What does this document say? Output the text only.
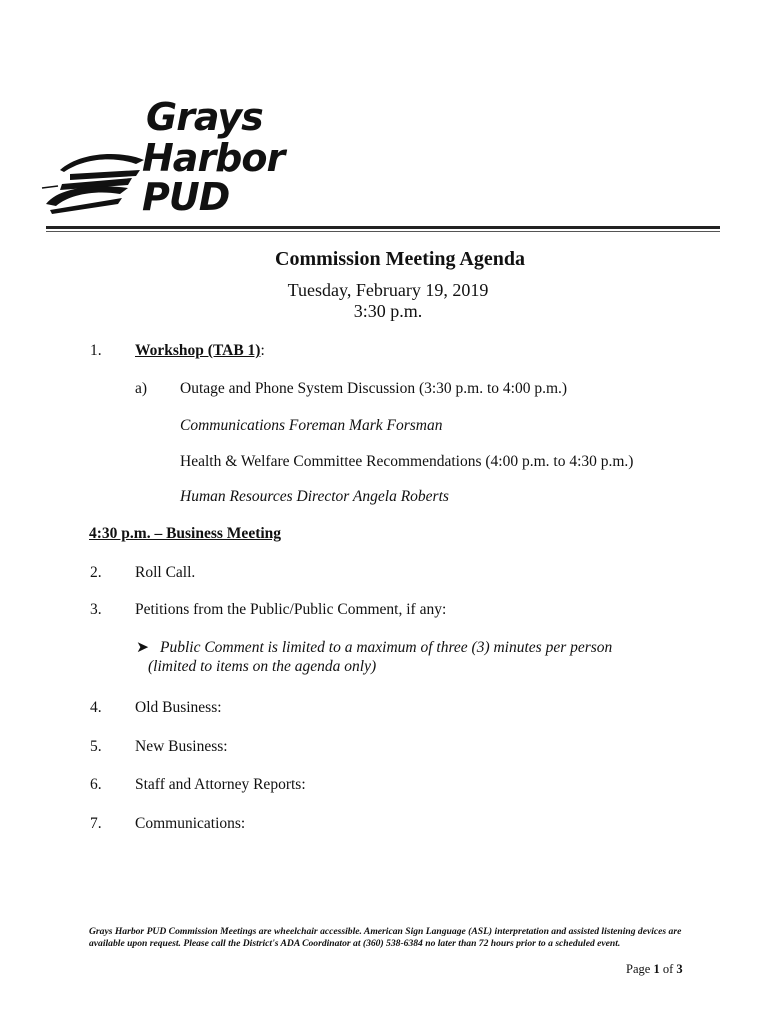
Grays
Harbor
PUD
Commission Meeting Agenda
Tuesday, February 19, 2019
3:30 p.m.
1. Workshop (TAB 1):
a) Outage and Phone System Discussion (3:30 p.m. to 4:00 p.m.)
Communications Foreman Mark Forsman
Health & Welfare Committee Recommendations (4:00 p.m. to 4:30 p.m.)
Human Resources Director Angela Roberts
4:30 p.m. – Business Meeting
2. Roll Call.
3. Petitions from the Public/Public Comment, if any:
➤ Public Comment is limited to a maximum of three (3) minutes per person
(limited to items on the agenda only)
4. Old Business:
5. New Business:
6. Staff and Attorney Reports:
7. Communications:
Grays Harbor PUD Commission Meetings are wheelchair accessible. American Sign Language (ASL) interpretation and assisted listening devices are available upon request. Please call the District's ADA Coordinator at (360) 538-6384 no later than 72 hours prior to a scheduled event.
Page 1 of 3
